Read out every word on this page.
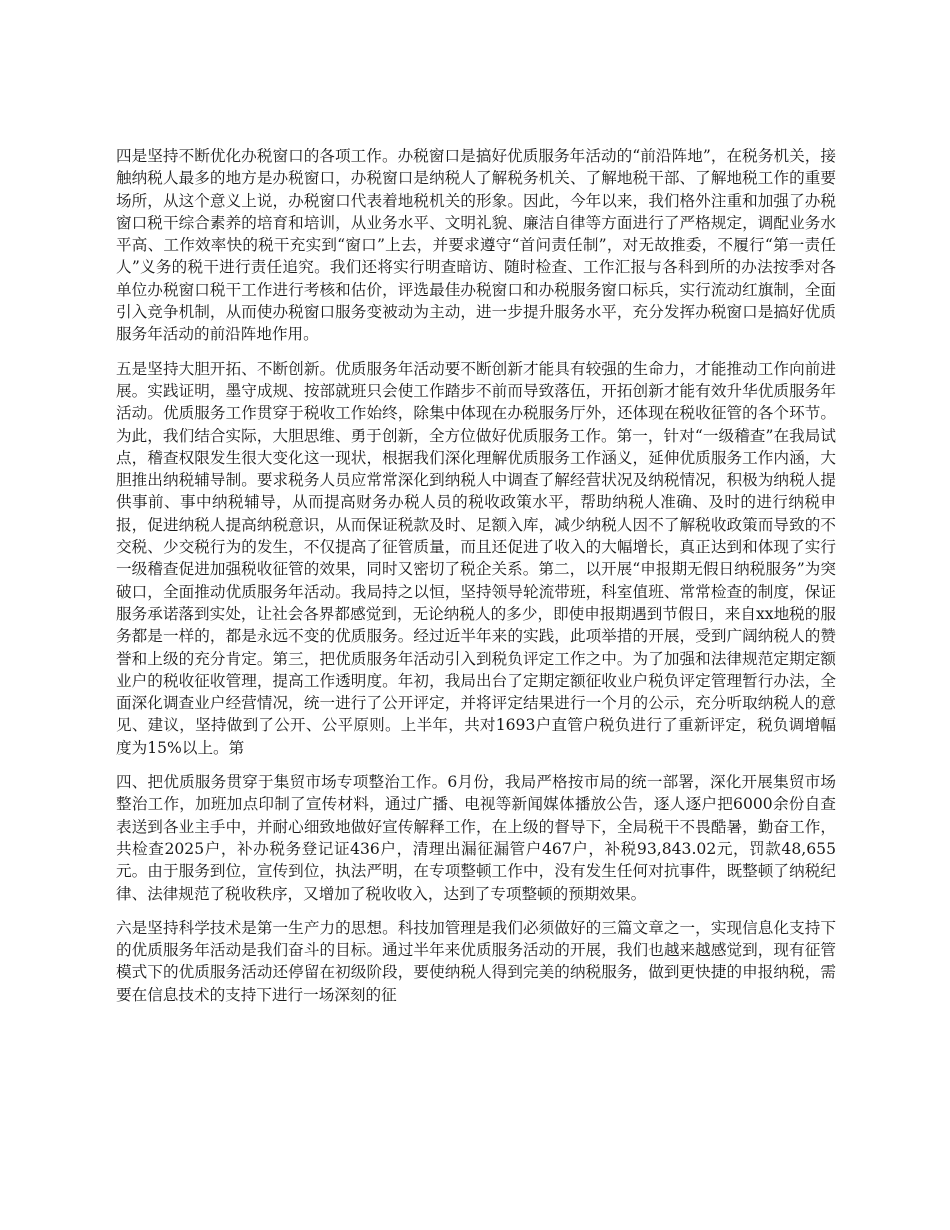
四是坚持不断优化办税窗口的各项工作。办税窗口是搞好优质服务年活动的“前沿阵地”，在税务机关，接触纳税人最多的地方是办税窗口，办税窗口是纳税人了解税务机关、了解地税干部、了解地税工作的重要场所，从这个意义上说，办税窗口代表着地税机关的形象。因此，今年以来，我们格外注重和加强了办税窗口税干综合素养的培育和培训，从业务水平、文明礼貌、廉洁自律等方面进行了严格规定，调配业务水平高、工作效率快的税干充实到“窗口”上去，并要求遵守“首问责任制”，对无故推委，不履行“第一责任人”义务的税干进行责任追究。我们还将实行明查暗访、随时检查、工作汇报与各科到所的办法按季对各单位办税窗口税干工作进行考核和估价，评选最佳办税窗口和办税服务窗口标兵，实行流动红旗制，全面引入竞争机制，从而使办税窗口服务变被动为主动，进一步提升服务水平，充分发挥办税窗口是搞好优质服务年活动的前沿阵地作用。

五是坚持大胆开拓、不断创新。优质服务年活动要不断创新才能具有较强的生命力，才能推动工作向前进展。实践证明，墨守成规、按部就班只会使工作踏步不前而导致落伍，开拓创新才能有效升华优质服务年活动。优质服务工作贯穿于税收工作始终，除集中体现在办税服务厅外，还体现在税收征管的各个环节。为此，我们结合实际，大胆思维、勇于创新，全方位做好优质服务工作。第一，针对“一级稽查”在我局试点，稽查权限发生很大变化这一现状，根据我们深化理解优质服务工作涵义，延伸优质服务工作内涵，大胆推出纳税辅导制。要求税务人员应常常深化到纳税人中调查了解经营状况及纳税情况，积极为纳税人提供事前、事中纳税辅导，从而提高财务办税人员的税收政策水平，帮助纳税人准确、及时的进行纳税申报，促进纳税人提高纳税意识，从而保证税款及时、足额入库，减少纳税人因不了解税收政策而导致的不交税、少交税行为的发生，不仅提高了征管质量，而且还促进了收入的大幅增长，真正达到和体现了实行一级稽查促进加强税收征管的效果，同时又密切了税企关系。第二，以开展“申报期无假日纳税服务”为突破口，全面推动优质服务年活动。我局持之以恒，坚持领导轮流带班，科室值班、常常检查的制度，保证服务承诺落到实处，让社会各界都感觉到，无论纳税人的多少，即使申报期遇到节假日，来自xx地税的服务都是一样的，都是永远不变的优质服务。经过近半年来的实践，此项举措的开展，受到广阔纳税人的赞誉和上级的充分肯定。第三，把优质服务年活动引入到税负评定工作之中。为了加强和法律规范定期定额业户的税收征收管理，提高工作透明度。年初，我局出台了定期定额征收业户税负评定管理暂行办法，全面深化调查业户经营情况，统一进行了公开评定，并将评定结果进行一个月的公示，充分听取纳税人的意见、建议，坚持做到了公开、公平原则。上半年，共对1693户直管户税负进行了重新评定，税负调增幅度为15%以上。第

四、把优质服务贯穿于集贸市场专项整治工作。6月份，我局严格按市局的统一部署，深化开展集贸市场整治工作，加班加点印制了宣传材料，通过广播、电视等新闻媒体播放公告，逐人逐户把6000余份自查表送到各业主手中，并耐心细致地做好宣传解释工作，在上级的督导下，全局税干不畏酷暑，勤奋工作，共检查2025户，补办税务登记证436户，清理出漏征漏管户467户，补税93,843.02元，罚款48,655元。由于服务到位，宣传到位，执法严明，在专项整顿工作中，没有发生任何对抗事件，既整顿了纳税纪律、法律规范了税收秩序，又增加了税收收入，达到了专项整顿的预期效果。

六是坚持科学技术是第一生产力的思想。科技加管理是我们必须做好的三篇文章之一，实现信息化支持下的优质服务年活动是我们奋斗的目标。通过半年来优质服务活动的开展，我们也越来越感觉到，现有征管模式下的优质服务活动还停留在初级阶段，要使纳税人得到完美的纳税服务，做到更快捷的申报纳税，需要在信息技术的支持下进行一场深刻的征
